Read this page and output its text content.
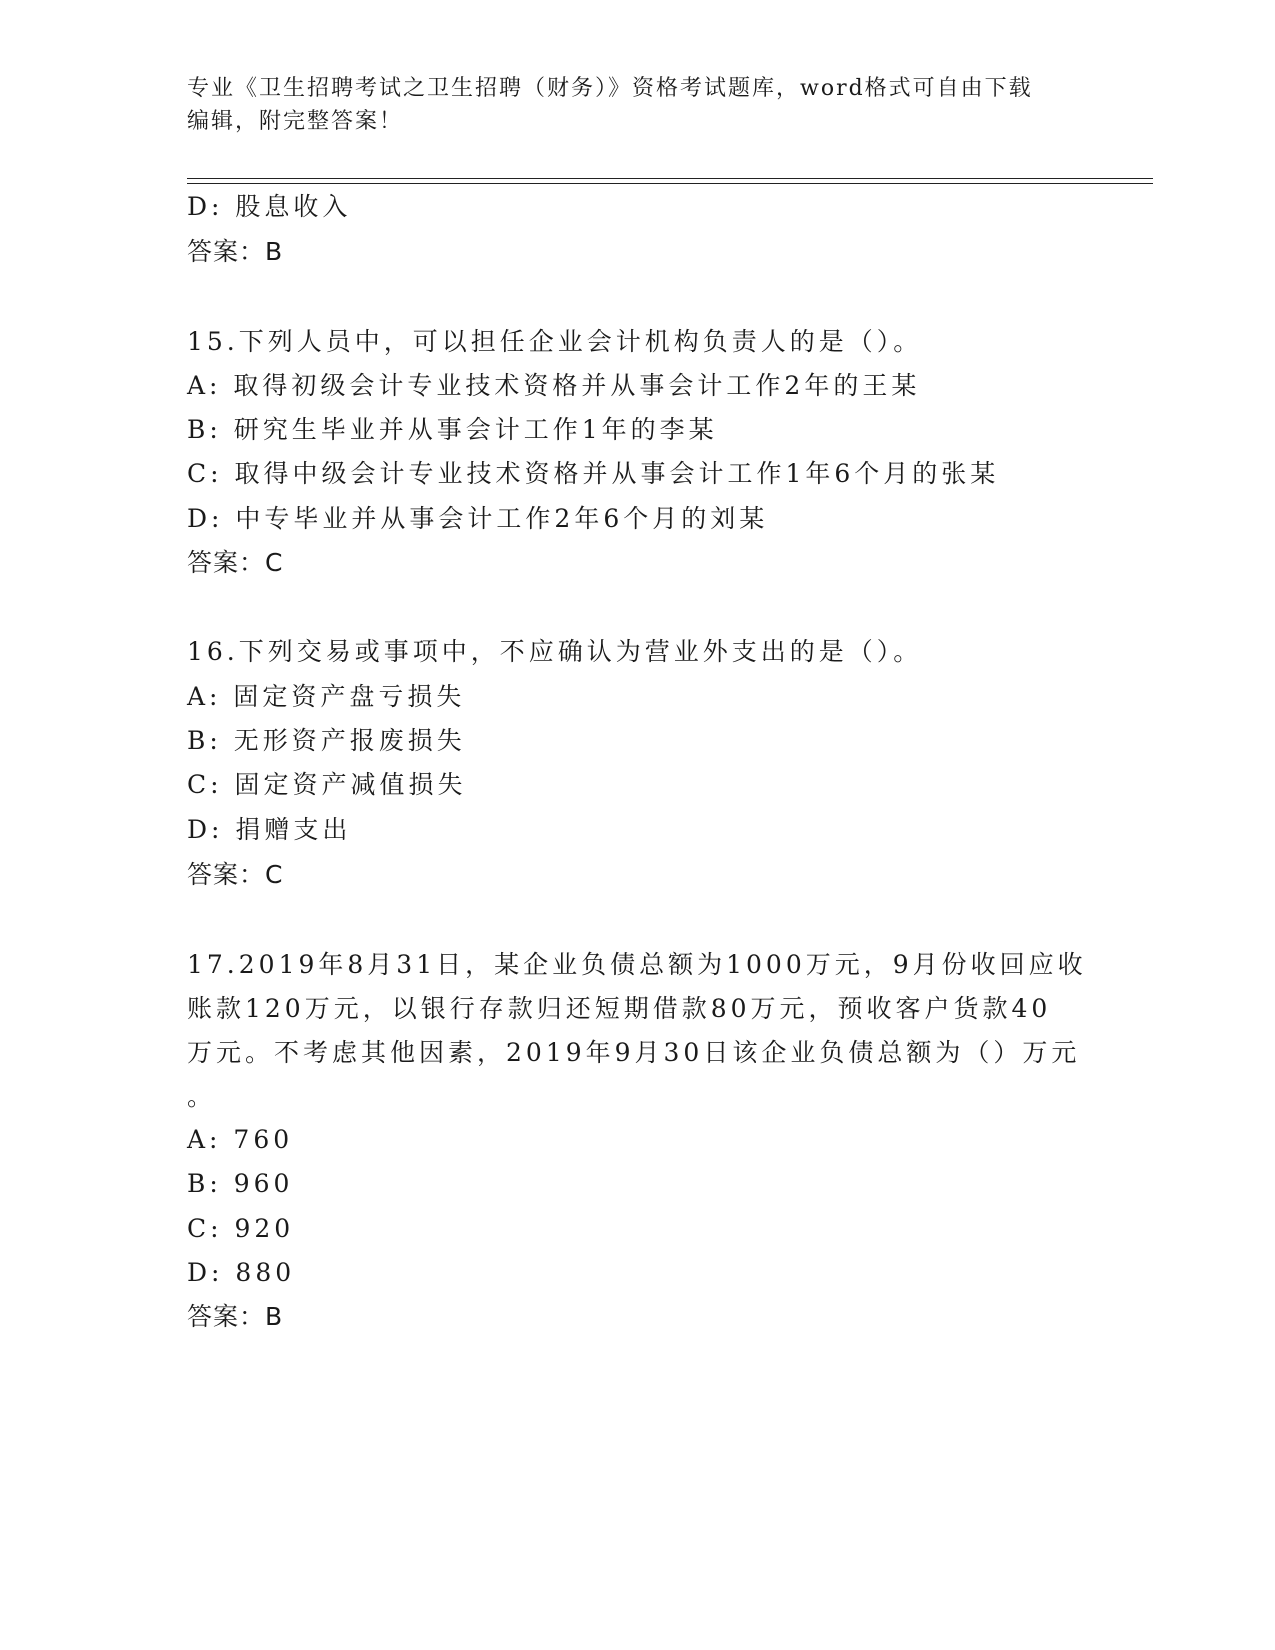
专业《卫生招聘考试之卫生招聘（财务）》资格考试题库，word格式可自由下载
编辑，附完整答案！
D: 股息收入
答案：B
15.下列人员中，可以担任企业会计机构负责人的是（）。
A: 取得初级会计专业技术资格并从事会计工作2年的王某
B: 研究生毕业并从事会计工作1年的李某
C: 取得中级会计专业技术资格并从事会计工作1年6个月的张某
D: 中专毕业并从事会计工作2年6个月的刘某
答案：C
16.下列交易或事项中，不应确认为营业外支出的是（）。
A: 固定资产盘亏损失
B: 无形资产报废损失
C: 固定资产减值损失
D: 捐赠支出
答案：C
17.2019年8月31日，某企业负债总额为1000万元，9月份收回应收
账款120万元，以银行存款归还短期借款80万元，预收客户货款40
万元。不考虑其他因素，2019年9月30日该企业负债总额为（）万元
。
A: 760
B: 960
C: 920
D: 880
答案：B
